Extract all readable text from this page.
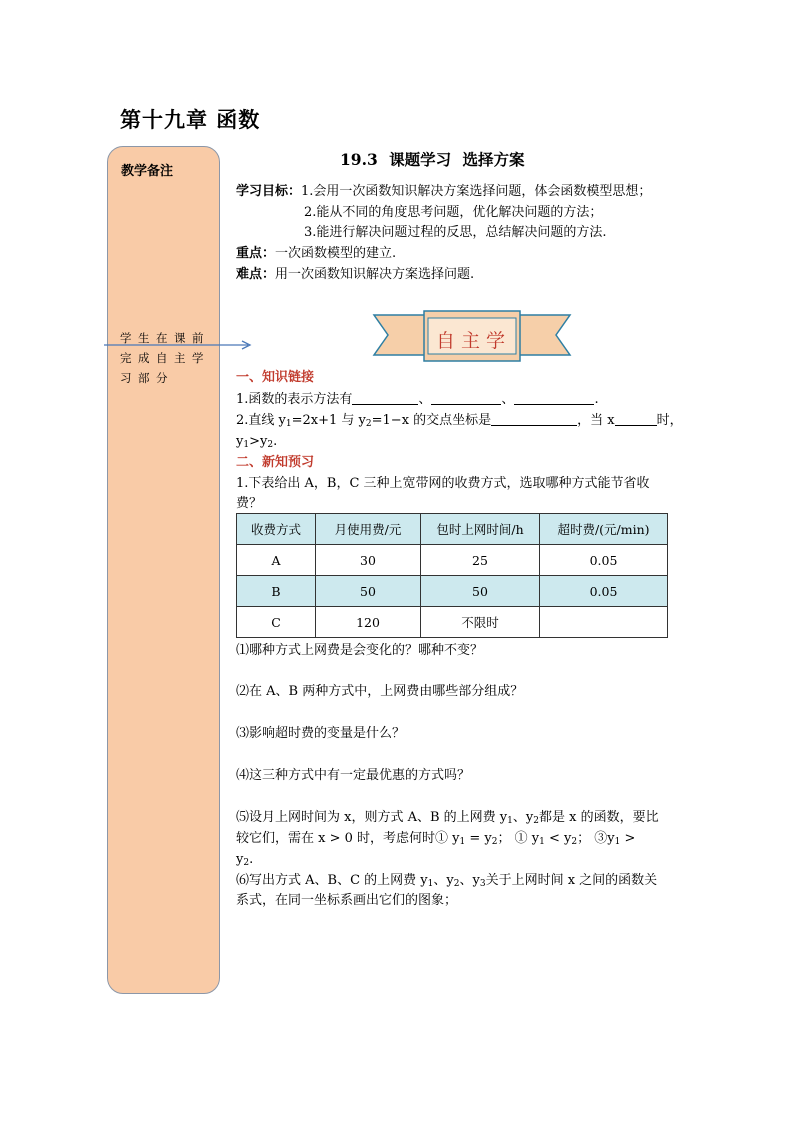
第十九章 函数
教学备注
学生在课前完成自主学习部分
19.3 课题学习 选择方案
学习目标：1.会用一次函数知识解决方案选择问题，体会函数模型思想；
2.能从不同的角度思考问题，优化解决问题的方法；
3.能进行解决问题过程的反思，总结解决问题的方法.
重点：一次函数模型的建立.
难点：用一次函数知识解决方案选择问题.
自主学
一、知识链接
1.函数的表示方法有	、	、	.
2.直线 $y_1=2x+1$ 与 $y_2=1-x$ 的交点坐标是	，当 x	时，
$y_1>y_2$.
二、新知预习
1.下表给出 A，B，C 三种上宽带网的收费方式，选取哪种方式能节省收
费？
收费方式	月使用费/元	包时上网时间/h	超时费/(元/min)
A	30	25	0.05
B	50	50	0.05
C	120	不限时	
⑴哪种方式上网费是会变化的？哪种不变？
⑵在 A、B 两种方式中，上网费由哪些部分组成？
⑶影响超时费的变量是什么？
⑷这三种方式中有一定最优惠的方式吗？
⑸设月上网时间为 x，则方式 A、B 的上网费 $y_1$、$y_2$都是 x 的函数，要比
较它们，需在 x > 0 时，考虑何时① $y_1 = y_2$； ① $y_1 < y_2$； $③y_1$ >
$y_2$.
⑹写出方式 A、B、C 的上网费 $y_1$、$y_2$、$y_3$关于上网时间 x 之间的函数关
系式，在同一坐标系画出它们的图象；
